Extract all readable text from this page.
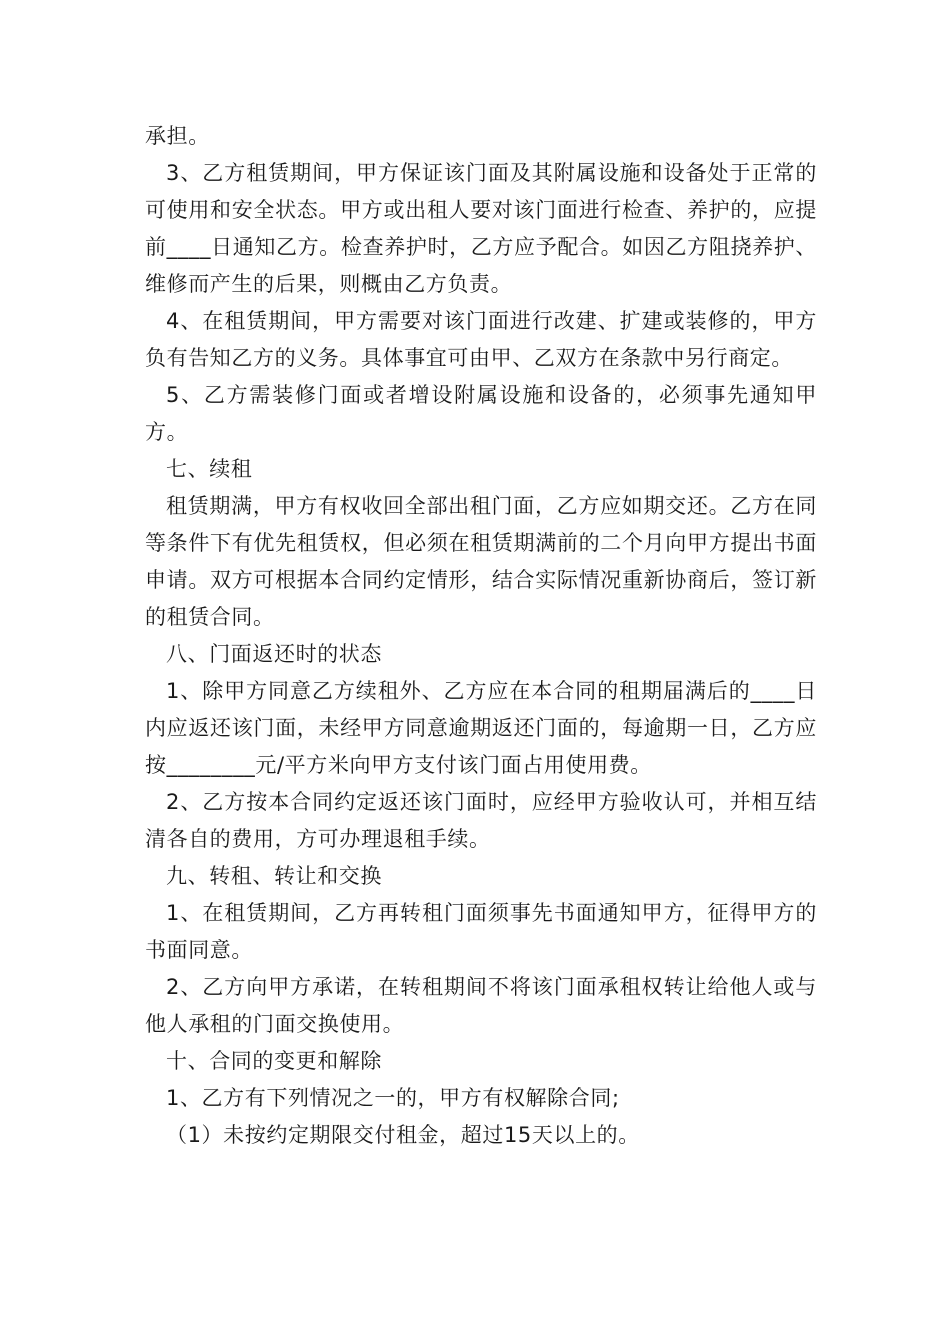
承担。

3、乙方租赁期间，甲方保证该门面及其附属设施和设备处于正常的可使用和安全状态。甲方或出租人要对该门面进行检查、养护的，应提前____日通知乙方。检查养护时，乙方应予配合。如因乙方阻挠养护、维修而产生的后果，则概由乙方负责。

4、在租赁期间，甲方需要对该门面进行改建、扩建或装修的，甲方负有告知乙方的义务。具体事宜可由甲、乙双方在条款中另行商定。

5、乙方需装修门面或者增设附属设施和设备的，必须事先通知甲方。

七、续租

租赁期满，甲方有权收回全部出租门面，乙方应如期交还。乙方在同等条件下有优先租赁权，但必须在租赁期满前的二个月向甲方提出书面申请。双方可根据本合同约定情形，结合实际情况重新协商后，签订新的租赁合同。

八、门面返还时的状态

1、除甲方同意乙方续租外、乙方应在本合同的租期届满后的____日内应返还该门面，未经甲方同意逾期返还门面的，每逾期一日，乙方应按________元/平方米向甲方支付该门面占用使用费。

2、乙方按本合同约定返还该门面时，应经甲方验收认可，并相互结清各自的费用，方可办理退租手续。

九、转租、转让和交换

1、在租赁期间，乙方再转租门面须事先书面通知甲方，征得甲方的书面同意。

2、乙方向甲方承诺，在转租期间不将该门面承租权转让给他人或与他人承租的门面交换使用。

十、合同的变更和解除

1、乙方有下列情况之一的，甲方有权解除合同;

（1）未按约定期限交付租金，超过15天以上的。
